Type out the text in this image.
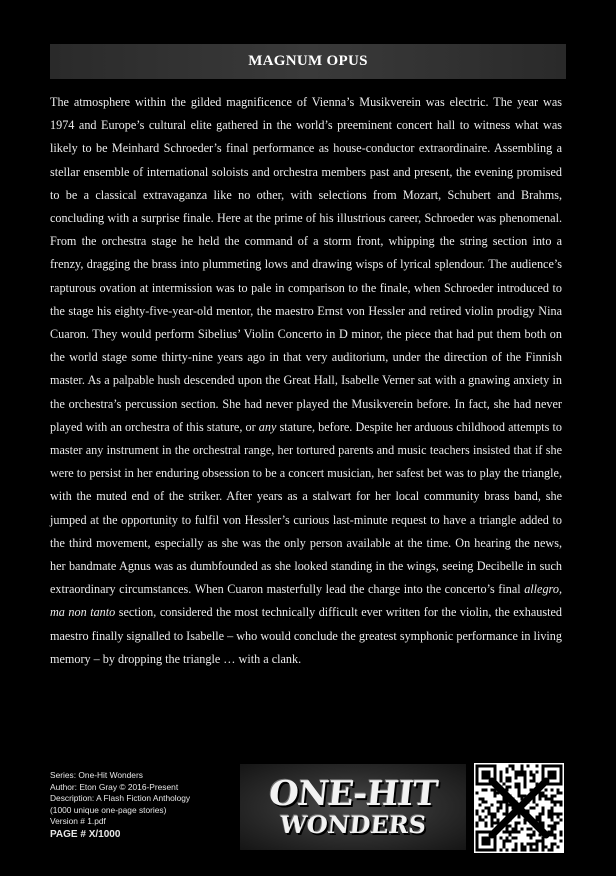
MAGNUM OPUS

The atmosphere within the gilded magnificence of Vienna’s Musikverein was electric. The year was 1974 and Europe’s cultural elite gathered in the world’s preeminent concert hall to witness what was likely to be Meinhard Schroeder’s final performance as house-conductor extraordinaire. Assembling a stellar ensemble of international soloists and orchestra members past and present, the evening promised to be a classical extravaganza like no other, with selections from Mozart, Schubert and Brahms, concluding with a surprise finale. Here at the prime of his illustrious career, Schroeder was phenomenal. From the orchestra stage he held the command of a storm front, whipping the string section into a frenzy, dragging the brass into plummeting lows and drawing wisps of lyrical splendour. The audience’s rapturous ovation at intermission was to pale in comparison to the finale, when Schroeder introduced to the stage his eighty-five-year-old mentor, the maestro Ernst von Hessler and retired violin prodigy Nina Cuaron. They would perform Sibelius’ Violin Concerto in D minor, the piece that had put them both on the world stage some thirty-nine years ago in that very auditorium, under the direction of the Finnish master. As a palpable hush descended upon the Great Hall, Isabelle Verner sat with a gnawing anxiety in the orchestra’s percussion section. She had never played the Musikverein before. In fact, she had never played with an orchestra of this stature, or any stature, before. Despite her arduous childhood attempts to master any instrument in the orchestral range, her tortured parents and music teachers insisted that if she were to persist in her enduring obsession to be a concert musician, her safest bet was to play the triangle, with the muted end of the striker. After years as a stalwart for her local community brass band, she jumped at the opportunity to fulfil von Hessler’s curious last-minute request to have a triangle added to the third movement, especially as she was the only person available at the time. On hearing the news, her bandmate Agnus was as dumbfounded as she looked standing in the wings, seeing Decibelle in such extraordinary circumstances. When Cuaron masterfully lead the charge into the concerto’s final allegro, ma non tanto section, considered the most technically difficult ever written for the violin, the exhausted maestro finally signalled to Isabelle – who would conclude the greatest symphonic performance in living memory – by dropping the triangle … with a clank.

Series: One-Hit Wonders
Author: Eton Gray © 2016-Present
Description: A Flash Fiction Anthology
(1000 unique one-page stories)
Version # 1.pdf
PAGE # X/1000
ONE-HIT
WONDERS
